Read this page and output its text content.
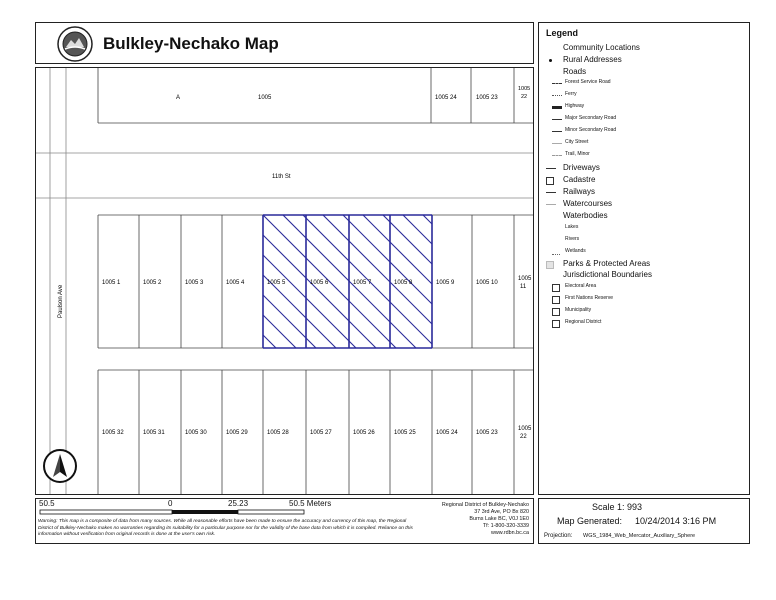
Bulkley-Nechako Map
1005 1	1005 2	1005 3	1005 4	1005 5	1005 6	1005 7	1005 8	1005 9	1005 10
1005
11
1005 32	1005 31	1005 30	1005 29	1005 28	1005 27	1005 26	1005 25	1005 24	1005 23
1005
22
A	1005	1005 24	1005 23
1005
22
11th St
Paulson Ave
Legend
Community Locations
Rural Addresses
Roads
Forest Service Road
Ferry
Highway
Major Secondary Road
Minor Secondary Road
City Street
Trail, Minor
Driveways
Cadastre
Railways
Watercourses
Waterbodies
Lakes
Rivers
Wetlands
Parks & Protected Areas
Jurisdictional Boundaries
Electoral Area
First Nations Reserve
Municipality
Regional District
50.5	0	25.23	50.5 Meters
Warning: This map is a composite of data from many sources. While all reasonable efforts have been made to ensure the accuracy and currency of this map, the Regional District of Bulkley-Nechako makes no warranties regarding its suitability for a particular purpose nor for the validity of the base data from which it is compiled. Reliance on this information without verification from original records is done at the user's own risk.
Regional District of Bulkley-Nechako
37 3rd Ave, PO Bx 820
Burns Lake BC, V0J 1E0
Tf: 1-800-320-3339
www.rdbn.bc.ca
Scale 1: 993
Map Generated: 10/24/2014 3:16 PM
Projection: WGS_1984_Web_Mercator_Auxiliary_Sphere
